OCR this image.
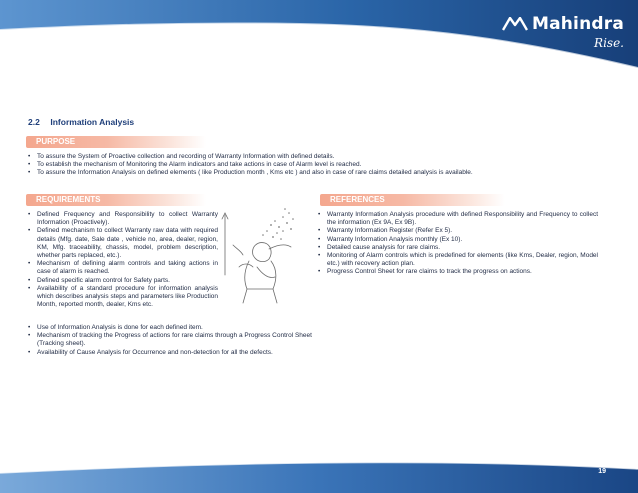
Mahindra
Rise.
2.2 Information Analysis
PURPOSE
• To assure the System of Proactive collection and recording of Warranty Information with defined details.
• To establish the mechanism of Monitoring the Alarm indicators and take actions in case of Alarm level is reached.
• To assure the Information Analysis on defined elements ( like Production month , Kms etc ) and also in case of rare claims detailed analysis is available.
REQUIREMENTS
• Defined Frequency and Responsibility to collect Warranty Information (Proactively).
• Defined mechanism to collect Warranty raw data with required details (Mfg. date, Sale date , vehicle no, area, dealer, region, KM, Mfg. traceability, chassis, model, problem description, whether parts replaced, etc.).
• Mechanism of defining alarm controls and taking actions in case of alarm is reached.
• Defined specific alarm control for Safety parts.
• Availability of a standard procedure for information analysis which describes analysis steps and parameters like Production Month, reported month, dealer, Kms etc.
• Use of Information Analysis is done for each defined item.
• Mechanism of tracking the Progress of actions for rare claims through a Progress Control Sheet (Tracking sheet).
• Availability of Cause Analysis for Occurrence and non-detection for all the defects.
REFERENCES
• Warranty Information Analysis procedure with defined Responsibility and Frequency to collect the information (Ex 9A, Ex 9B).
• Warranty Information Register (Refer Ex 5).
• Warranty Information Analysis monthly (Ex 10).
• Detailed cause analysis for rare claims.
• Monitoring of Alarm controls which is predefined for elements (like Kms, Dealer, region, Model etc.) with recovery action plan.
• Progress Control Sheet for rare claims to track the progress on actions.
19
